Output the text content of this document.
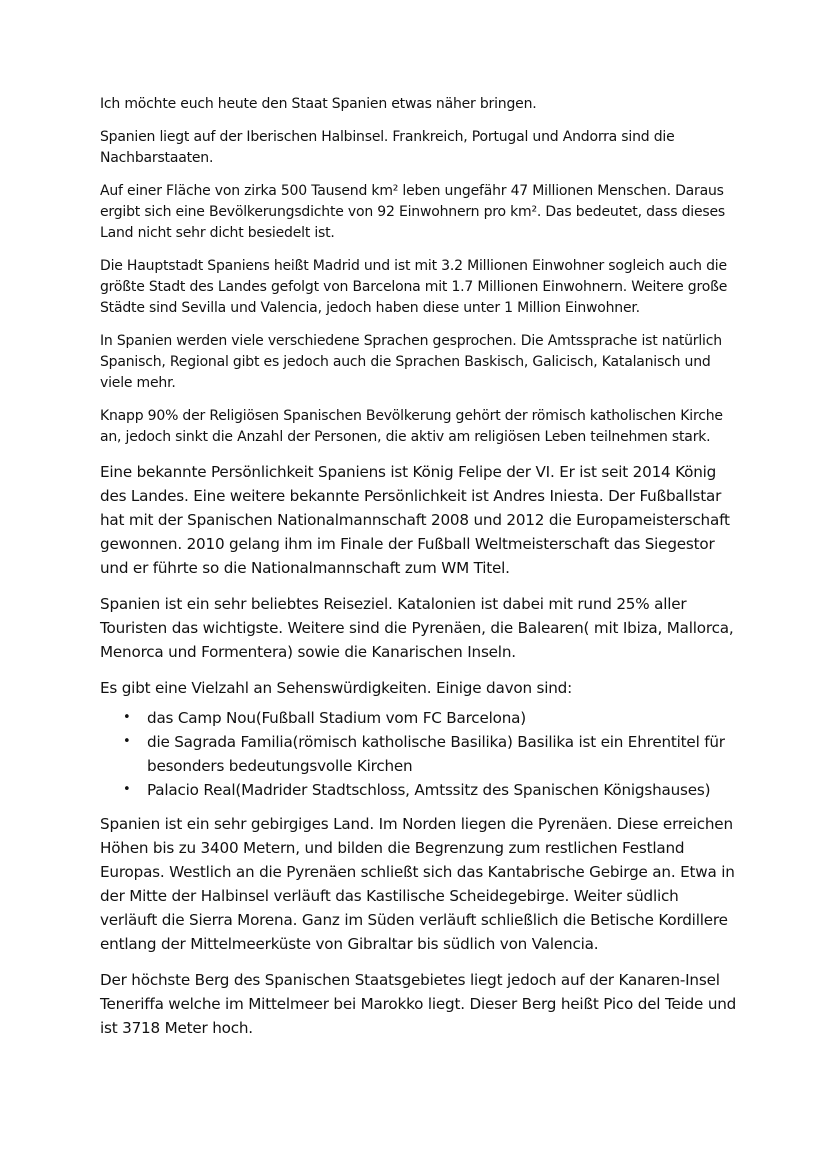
Ich möchte euch heute den Staat Spanien etwas näher bringen.

Spanien liegt auf der Iberischen Halbinsel. Frankreich, Portugal und Andorra sind die Nachbarstaaten.

Auf einer Fläche von zirka 500 Tausend km² leben ungefähr 47 Millionen Menschen. Daraus ergibt sich eine Bevölkerungsdichte von 92 Einwohnern pro km². Das bedeutet, dass dieses Land nicht sehr dicht besiedelt ist.

Die Hauptstadt Spaniens heißt Madrid und ist mit 3.2 Millionen Einwohner sogleich auch die größte Stadt des Landes gefolgt von Barcelona mit 1.7 Millionen Einwohnern. Weitere große Städte sind Sevilla und Valencia, jedoch haben diese unter 1 Million Einwohner.

In Spanien werden viele verschiedene Sprachen gesprochen. Die Amtssprache ist natürlich Spanisch, Regional gibt es jedoch auch die Sprachen Baskisch, Galicisch, Katalanisch und viele mehr.

Knapp 90% der Religiösen Spanischen Bevölkerung gehört der römisch katholischen Kirche an, jedoch sinkt die Anzahl der Personen, die aktiv am religiösen Leben teilnehmen stark.

Eine bekannte Persönlichkeit Spaniens ist König Felipe der VI. Er ist seit 2014 König des Landes. Eine weitere bekannte Persönlichkeit ist Andres Iniesta. Der Fußballstar hat mit der Spanischen Nationalmannschaft 2008 und 2012 die Europameisterschaft gewonnen. 2010 gelang ihm im Finale der Fußball Weltmeisterschaft das Siegestor und er führte so die Nationalmannschaft zum WM Titel.

Spanien ist ein sehr beliebtes Reiseziel. Katalonien ist dabei mit rund 25% aller Touristen das wichtigste. Weitere sind die Pyrenäen, die Balearen( mit Ibiza, Mallorca, Menorca und Formentera) sowie die Kanarischen Inseln.

Es gibt eine Vielzahl an Sehenswürdigkeiten. Einige davon sind:

• das Camp Nou(Fußball Stadium vom FC Barcelona)
• die Sagrada Familia(römisch katholische Basilika) Basilika ist ein Ehrentitel für besonders bedeutungsvolle Kirchen
• Palacio Real(Madrider Stadtschloss, Amtssitz des Spanischen Königshauses)

Spanien ist ein sehr gebirgiges Land. Im Norden liegen die Pyrenäen. Diese erreichen Höhen bis zu 3400 Metern, und bilden die Begrenzung zum restlichen Festland Europas. Westlich an die Pyrenäen schließt sich das Kantabrische Gebirge an. Etwa in der Mitte der Halbinsel verläuft das Kastilische Scheidegebirge. Weiter südlich verläuft die Sierra Morena. Ganz im Süden verläuft schließlich die Betische Kordillere entlang der Mittelmeerküste von Gibraltar bis südlich von Valencia.

Der höchste Berg des Spanischen Staatsgebietes liegt jedoch auf der Kanaren-Insel Teneriffa welche im Mittelmeer bei Marokko liegt. Dieser Berg heißt Pico del Teide und ist 3718 Meter hoch.
